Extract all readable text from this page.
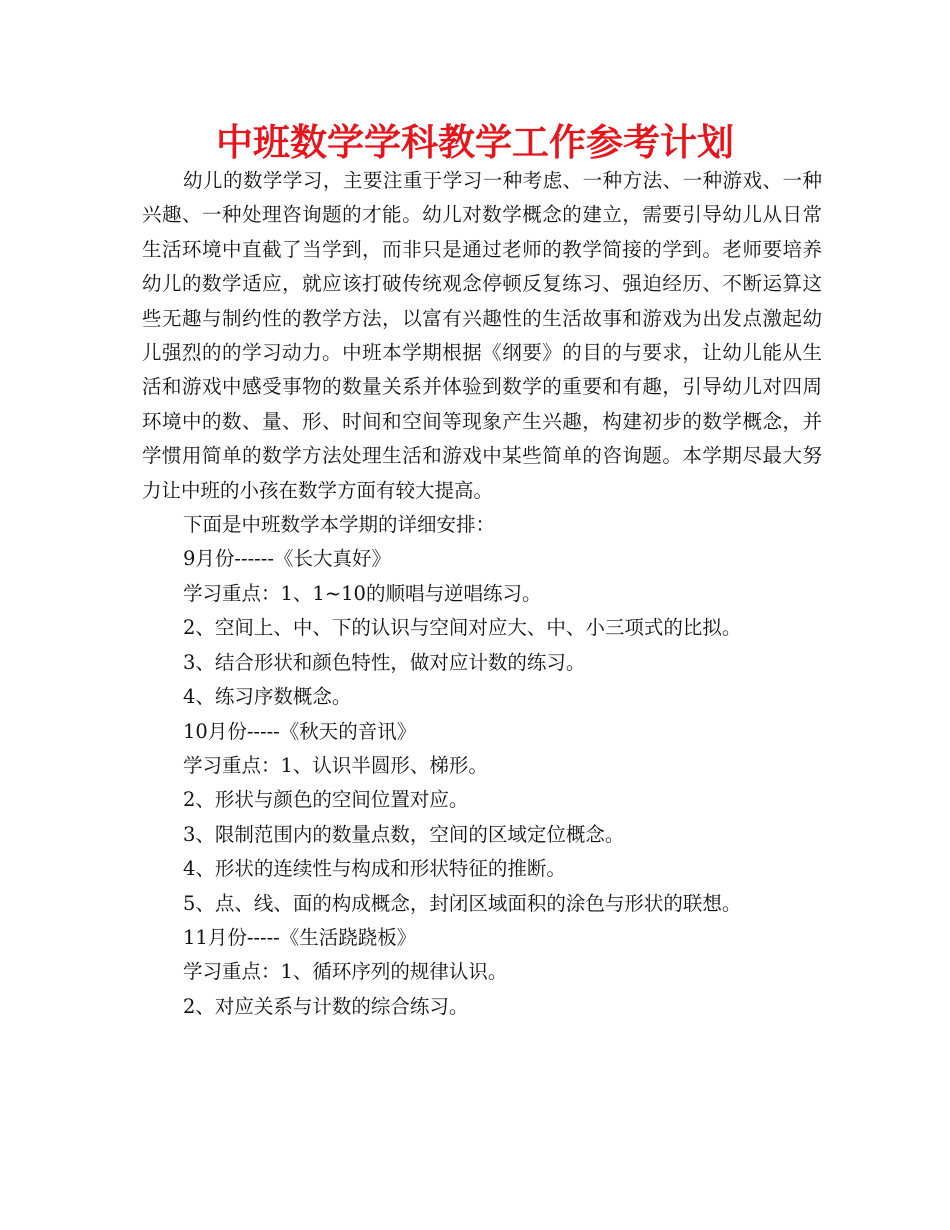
中班数学学科教学工作参考计划

幼儿的数学学习，主要注重于学习一种考虑、一种方法、一种游戏、一种兴趣、一种处理咨询题的才能。幼儿对数学概念的建立，需要引导幼儿从日常生活环境中直截了当学到，而非只是通过老师的教学简接的学到。老师要培养幼儿的数学适应，就应该打破传统观念停顿反复练习、强迫经历、不断运算这些无趣与制约性的教学方法，以富有兴趣性的生活故事和游戏为出发点激起幼儿强烈的的学习动力。中班本学期根据《纲要》的目的与要求，让幼儿能从生活和游戏中感受事物的数量关系并体验到数学的重要和有趣，引导幼儿对四周环境中的数、量、形、时间和空间等现象产生兴趣，构建初步的数学概念，并学惯用简单的数学方法处理生活和游戏中某些简单的咨询题。本学期尽最大努力让中班的小孩在数学方面有较大提高。

下面是中班数学本学期的详细安排：

9月份------《长大真好》

学习重点：1、1~10的顺唱与逆唱练习。

2、空间上、中、下的认识与空间对应大、中、小三项式的比拟。

3、结合形状和颜色特性，做对应计数的练习。

4、练习序数概念。

10月份-----《秋天的音讯》

学习重点：1、认识半圆形、梯形。

2、形状与颜色的空间位置对应。

3、限制范围内的数量点数，空间的区域定位概念。

4、形状的连续性与构成和形状特征的推断。

5、点、线、面的构成概念，封闭区域面积的涂色与形状的联想。

11月份-----《生活跷跷板》

学习重点：1、循环序列的规律认识。

2、对应关系与计数的综合练习。
